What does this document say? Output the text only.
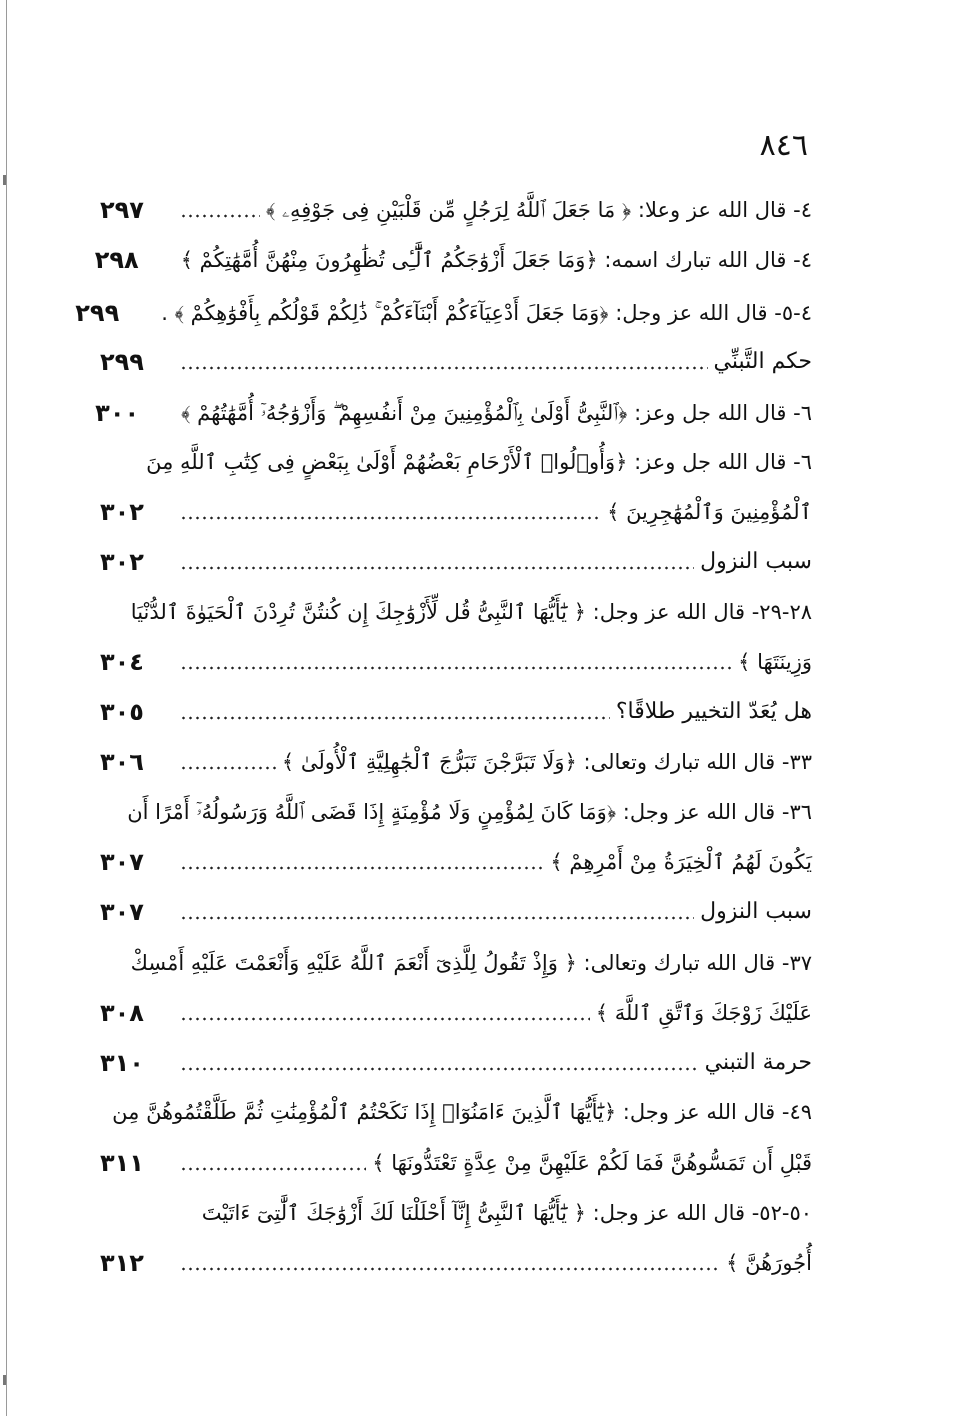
٨٤٦
٤- قال الله عز وعلا: ﴿ مَا جَعَلَ ٱللَّهُ لِرَجُلٍ مِّن قَلْبَيْنِ فِى جَوْفِهِۦ ﴾
٢٩٧
٤- قال الله تبارك اسمه: ﴿وَمَا جَعَلَ أَزْوَٰجَكُمُ ٱلَّٰٓـِٔى تُظَٰهِرُونَ مِنْهُنَّ أُمَّهَٰتِكُمْ ﴾
٢٩٨
٤-٥- قال الله عز وجل: ﴿وَمَا جَعَلَ أَدْعِيَآءَكُمْ أَبْنَآءَكُمْ ۚ ذَٰلِكُمْ قَوْلُكُم بِأَفْوَٰهِكُمْ ﴾ .
٢٩٩
حكم التَّبنِّي
٢٩٩
٦- قال الله جل وعز: ﴿ٱلنَّبِىُّ أَوْلَىٰ بِٱلْمُؤْمِنِينَ مِنْ أَنفُسِهِمْ ۖ وَأَزْوَٰجُهُۥٓ أُمَّهَٰتُهُمْ ﴾
٣٠٠
٦- قال الله جل وعز: ﴿وَأُو۟لُوا۟ ٱلْأَرْحَامِ بَعْضُهُمْ أَوْلَىٰ بِبَعْضٍ فِى كِتَٰبِ ٱللَّهِ مِنَ
ٱلْمُؤْمِنِينَ وَٱلْمُهَٰجِرِينَ ﴾
٣٠٢
سبب النزول
٣٠٢
٢٨-٢٩- قال الله عز وجل: ﴿ يَٰٓأَيُّهَا ٱلنَّبِىُّ قُل لِّأَزْوَٰجِكَ إِن كُنتُنَّ تُرِدْنَ ٱلْحَيَوٰةَ ٱلدُّنْيَا
وَزِينَتَهَا ﴾
٣٠٤
هل يُعَدّ التخيير طلاقًا؟
٣٠٥
٣٣- قال الله تبارك وتعالى: ﴿وَلَا تَبَرَّجْنَ تَبَرُّجَ ٱلْجَٰهِلِيَّةِ ٱلْأُولَىٰ ﴾
٣٠٦
٣٦- قال الله عز وجل: ﴿وَمَا كَانَ لِمُؤْمِنٍ وَلَا مُؤْمِنَةٍ إِذَا قَضَى ٱللَّهُ وَرَسُولُهُۥٓ أَمْرًا أَن
يَكُونَ لَهُمُ ٱلْخِيَرَةُ مِنْ أَمْرِهِمْ ﴾
٣٠٧
سبب النزول
٣٠٧
٣٧- قال الله تبارك وتعالى: ﴿ وَإِذْ تَقُولُ لِلَّذِىٓ أَنْعَمَ ٱللَّهُ عَلَيْهِ وَأَنْعَمْتَ عَلَيْهِ أَمْسِكْ
عَلَيْكَ زَوْجَكَ وَٱتَّقِ ٱللَّهَ ﴾
٣٠٨
حرمة التبني
٣١٠
٤٩- قال الله عز وجل: ﴿يَٰٓأَيُّهَا ٱلَّذِينَ ءَامَنُوٓا۟ إِذَا نَكَحْتُمُ ٱلْمُؤْمِنَٰتِ ثُمَّ طَلَّقْتُمُوهُنَّ مِن
قَبْلِ أَن تَمَسُّوهُنَّ فَمَا لَكُمْ عَلَيْهِنَّ مِنْ عِدَّةٍ تَعْتَدُّونَهَا ﴾
٣١١
٥٠-٥٢- قال الله عز وجل: ﴿ يَٰٓأَيُّهَا ٱلنَّبِىُّ إِنَّآ أَحْلَلْنَا لَكَ أَزْوَٰجَكَ ٱلَّٰتِىٓ ءَاتَيْتَ
أُجُورَهُنَّ ﴾
٣١٢
